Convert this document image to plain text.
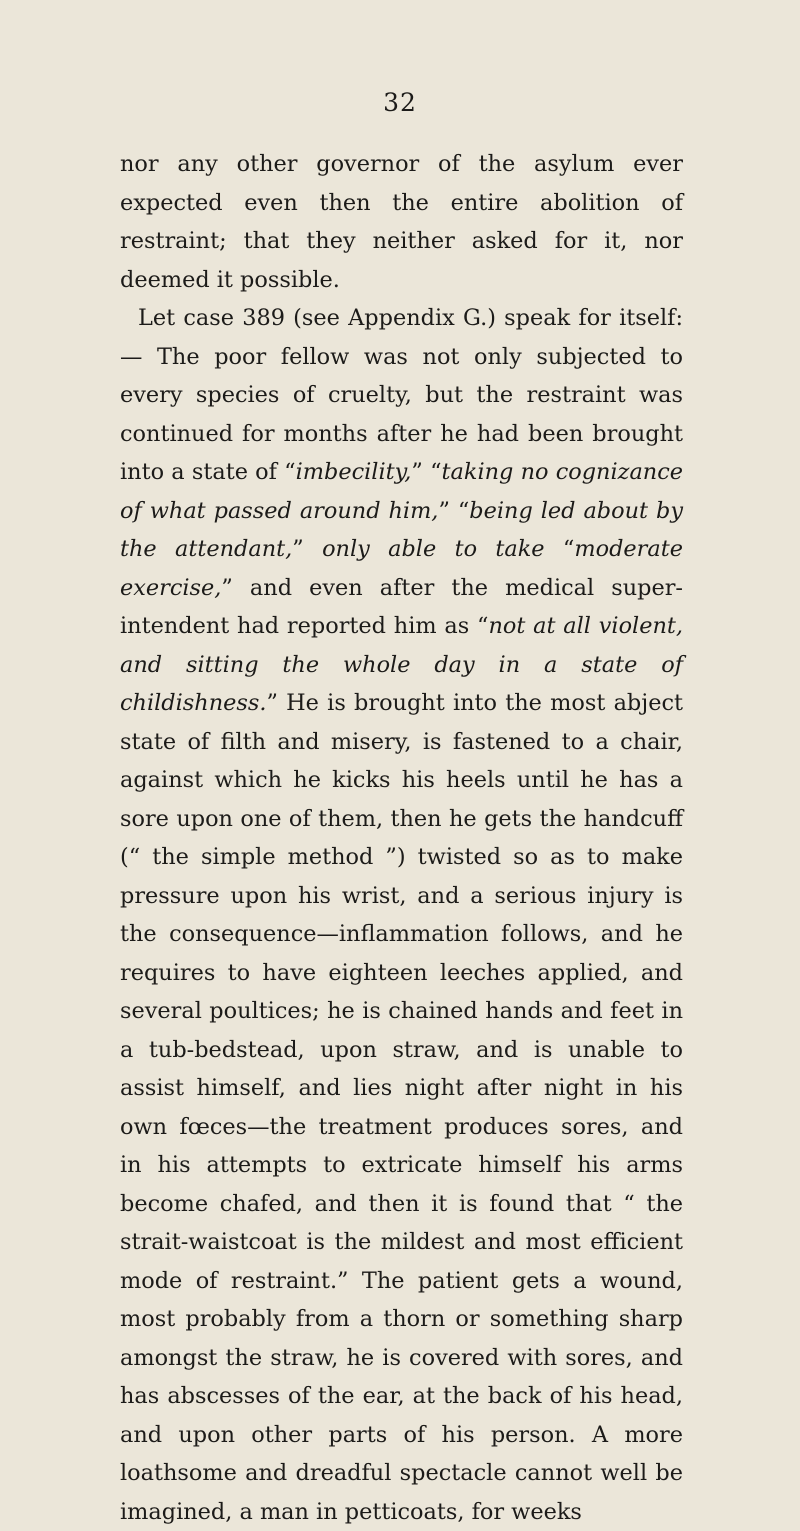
32

nor any other governor of the asylum ever expected even then the entire abolition of restraint; that they neither asked for it, nor deemed it possible.

Let case 389 (see Appendix G.) speak for itself:— The poor fellow was not only subjected to every species of cruelty, but the restraint was continued for months after he had been brought into a state of “imbecility,” “taking no cognizance of what passed around him,” “being led about by the attendant,” only able to take “moderate exercise,” and even after the medical superintendent had reported him as “not at all violent, and sitting the whole day in a state of childishness.” He is brought into the most abject state of filth and misery, is fastened to a chair, against which he kicks his heels until he has a sore upon one of them, then he gets the handcuff (“ the simple method ”) twisted so as to make pressure upon his wrist, and a serious injury is the consequence—inflammation follows, and he requires to have eighteen leeches applied, and several poultices; he is chained hands and feet in a tub-bedstead, upon straw, and is unable to assist himself, and lies night after night in his own fœces—the treatment produces sores, and in his attempts to extricate himself his arms become chafed, and then it is found that “ the strait-waistcoat is the mildest and most efficient mode of restraint.” The patient gets a wound, most probably from a thorn or something sharp amongst the straw, he is covered with sores, and has abscesses of the ear, at the back of his head, and upon other parts of his person. A more loathsome and dreadful spectacle cannot well be imagined, a man in petticoats, for weeks
